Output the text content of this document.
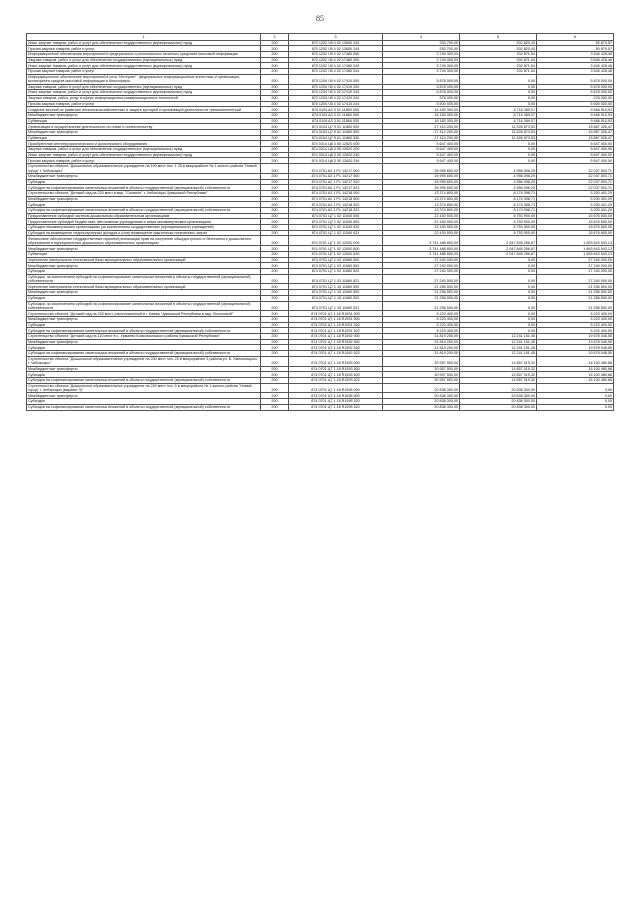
85
1	2	3	4	5	6
Иные закупки товаров, работ и услуг для обеспечения государственных (муниципальных) нужд	200	870 1202 Ч5 4 02 13650 240	253 700,00	202 820,43	50 879,57
Прочая закупка товаров, работ и услуг	200	870 1202 Ч5 4 02 13650 244	253 700,00	202 820,43	50 879,57
Информационное обеспечение мероприятий в федеральных и региональных печатных средствах массовой информации	200	870 1202 Ч5 4 02 17480 000	3 749 300,00	202 871,54	3 546 428,46
Закупка товаров, работ и услуг для обеспечения государственных (муниципальных) нужд	200	870 1202 Ч5 4 02 17480 200	3 749 300,00	202 871,54	3 546 428,46
Иные закупки товаров, работ и услуг для обеспечения государственных (муниципальных) нужд	200	870 1202 Ч5 4 02 17480 240	3 749 300,00	202 871,54	3 546 428,46
Прочая закупка товаров, работ и услуг	200	870 1202 Ч5 4 02 17480 244	3 749 300,00	202 871,54	3 546 428,46
Информационное обеспечение мероприятий в сети "Интернет", федеральных информационных агентствах и организация мониторинга средств массовой информации и блогосферы	200	870 1204 Ч5 4 02 17410 000	5 878 000,00	0,00	5 878 000,00
Закупка товаров, работ и услуг для обеспечения государственных (муниципальных) нужд	200	870 1204 Ч5 4 02 17410 200	5 878 000,00	0,00	5 878 000,00
Иные закупки товаров, работ и услуг для обеспечения государственных (муниципальных) нужд	200	870 1204 Ч5 4 02 17410 240	5 878 000,00	0,00	5 878 000,00
Закупка товаров, работ, услуг в сфере информационно-коммуникационных технологий	200	870 1204 Ч5 4 02 17410 242	378 000,00	0,00	378 000,00
Прочая закупка товаров, работ и услуг	200	870 1204 Ч5 4 02 17410 244	5 500 000,00	0,00	5 500 000,00
Создание юнопий по развитию несельскохозяйственных и защите кустарей и организаций деятельности трехкомпонентной	200	874 0104 A3 3 01 11860 000	16 183 300,00	6 716 389,07	9 466 910,93
Межбюджетные трансферты	200	874 0104 A3 3 01 11860 500	16 183 300,00	6 716 389,07	9 466 910,93
Субвенции	200	874 0104 A3 3 01 11860 530	16 183 300,00	6 716 389,07	9 466 910,93
Организация и осуществление деятельности по опеке и попечительству	200	874 0104 Ц7 9 01 11860 000	27 414 200,00	11 526 873,53	15 887 326,47
Межбюджетные трансферты	200	874 0104 Ц7 9 01 11860 500	27 414 200,00	11 526 873,53	15 887 326,47
Субвенции	200	874 0104 Ц7 9 01 11860 530	27 414 200,00	11 526 873,53	15 887 326,47
Приобретение антитеррористического и досмотрового оборудования	200	874 0314 Ц8 3 05 12620 000	5 647 400,00	0,00	5 647 400,00
Закупка товаров, работ и услуг для обеспечения государственных (муниципальных) нужд	200	874 0314 Ц8 3 05 12620 200	5 647 400,00	0,00	5 647 400,00
Иные закупки товаров, работ и услуг для обеспечения государственных (муниципальных) нужд	200	874 0314 Ц8 3 05 12620 240	5 647 400,00	0,00	5 647 400,00
Прочая закупка товаров, работ и услуг	200	874 0314 Ц8 3 05 12620 244	5 647 400,00	0,00	5 647 400,00
Строительство объекта "Дошкольное образовательное учреждение на 100 мест поз. 1 25 в микрорайоне № 1 жилого района "Новый город" г. Чебоксары"	200	874 0701 A2 1 P1 14217 000	26 995 600,00	4 956 096,29	22 037 503,71
Межбюджетные трансферты	200	874 0701 A2 1 P1 14217 500	26 995 600,00	4 956 096,29	22 037 503,71
Субсидии	200	874 0701 A2 1 P1 14217 520	26 995 600,00	4 956 096,29	22 037 503,71
Субсидии на софинансирование капитальных вложений в объекты государственной (муниципальной) собственности	200	874 0701 A2 1 P1 14217 522	26 995 600,00	4 956 096,29	22 037 503,71
Строительство объекта "Детский сад на 220 мест в мкр. "Соляное" г. Чебоксары Чувашской Республики"	200	874 0701 A2 1 P1 14218 000	13 374 800,00	8 174 398,71	5 200 401,29
Межбюджетные трансферты	200	874 0701 A2 1 P1 14218 500	13 374 800,00	8 174 398,71	5 200 401,29
Субсидии	200	874 0701 A2 1 P1 14218 520	13 374 800,00	8 174 398,71	5 200 401,29
Субсидии на софинансирование капитальных вложений в объекты государственной (муниципальной) собственности	200	874 0701 A2 1 P1 14218 522	13 374 800,00	8 174 398,71	5 200 401,29
Предоставление субсидий частным дошкольным образовательным организациям	200	874 0701 Ц7 1 02 11540 000	22 430 500,00	6 753 900,00	15 676 600,00
Предоставление субсидий бюджетным, автономным учреждениям и иным некоммерческим организациям	200	874 0701 Ц7 1 02 11540 600	22 430 500,00	6 753 900,00	15 676 600,00
Субсидии некоммерческим организациям (за исключением государственных (муниципальных) учреждений)	200	874 0701 Ц7 1 02 11540 630	22 430 500,00	6 753 900,00	15 676 600,00
Субсидии на возмещение недополученных доходов и (или) возмещение фактически понесенных затрат	200	874 0701 Ц7 1 02 11540 631	22 430 500,00	6 753 900,00	15 676 600,00
Финансовое обеспечение государственных гарантий реализации прав на получение общедоступного и бесплатного дошкольного образования в муниципальных дошкольных образовательных организациях	200	874 0701 Ц7 1 02 12000 000	3 741 488 800,00	2 047 845 256,87	1 693 643 543,13
Межбюджетные трансферты	200	874 0701 Ц7 1 02 12000 500	3 741 488 800,00	2 047 845 256,87	1 693 643 543,13
Субвенции	200	874 0701 Ц7 1 02 12000 530	3 741 488 800,00	2 047 845 256,87	1 693 643 543,13
Укрепление материально-технической базы муниципальных образовательных организаций	200	874 0701 Ц7 1 03 11660 000	27 240 000,00	0,00	27 240 000,00
Межбюджетные трансферты	200	874 0701 Ц7 1 03 11660 500	27 240 000,00	0,00	27 240 000,00
Субсидии	200	874 0701 Ц7 1 03 11660 520	27 240 000,00	0,00	27 240 000,00
Субсидии, за исключением субсидий на софинансирование капитальных вложений в объекты государственной (муниципальной) собственности	200	874 0701 Ц7 1 03 11660 521	27 240 000,00	0,00	27 240 000,00
Укрепление материально-технической базы муниципальных образовательных организаций	200	874 0701 Ц7 1 15 11660 000	21 256 500,00	0,00	21 256 500,00
Межбюджетные трансферты	200	874 0701 Ц7 1 15 11660 500	21 256 500,00	0,00	21 256 500,00
Субсидии	200	874 0701 Ц7 1 15 11660 520	21 256 500,00	0,00	21 256 500,00
Субсидии, за исключением субсидий на софинансирование капитальных вложений в объекты государственной (муниципальной) собственности	200	874 0701 Ц7 1 15 11660 521	21 256 500,00	0,00	21 256 500,00
Строительство объекта "Детский сад на 240 мест, расположенный в г. Канаш Чувашской Республики в мкр. Восточный"	200	874 0701 Ц7 1 18 R1591 000	5 223 400,00	0,00	5 223 400,00
Межбюджетные трансферты	200	874 0701 Ц7 1 18 R1591 500	5 223 400,00	0,00	5 223 400,00
Субсидии	200	874 0701 Ц7 1 18 R1591 520	5 223 400,00	0,00	5 223 400,00
Субсидии на софинансирование капитальных вложений в объекты государственной (муниципальной) собственности	200	874 0701 Ц7 1 18 R1591 522	5 223 400,00	0,00	5 223 400,00
Строительство объекта "Детский сад на 110 мест в с. Урмаево Комсомольского района Чувашской Республики"	200	874 0701 Ц7 1 18 R1592 000	31 819 200,00	12 241 151,45	19 578 048,55
Межбюджетные трансферты	200	874 0701 Ц7 1 18 R1592 500	31 819 200,00	12 241 151,45	19 578 048,55
Субсидии	200	874 0701 Ц7 1 18 R1592 520	31 819 200,00	12 241 151,45	19 578 048,55
Субсидии на софинансирование капитальных вложений в объекты государственной (муниципальной) собственности	200	874 0701 Ц7 1 18 R1592 522	31 819 200,00	12 241 151,45	19 578 048,55
Строительство объекта "Дошкольное образовательное учреждение на 240 мест поз. 25 в микрорайоне 5 района ул. Б. Хмельницкого г. Чебоксары"	200	874 0701 Ц7 1 18 R1593 000	30 957 500,00	14 857 019,32	16 100 480,68
Межбюджетные трансферты	200	874 0701 Ц7 1 18 R1593 500	30 957 500,00	14 857 019,32	16 100 480,68
Субсидии	200	874 0701 Ц7 1 18 R1593 520	30 957 500,00	14 857 019,32	16 100 480,68
Субсидии на софинансирование капитальных вложений в объекты государственной (муниципальной) собственности	200	874 0701 Ц7 1 18 R1593 522	30 957 500,00	14 857 019,32	16 100 480,68
Строительство объекта "Дошкольное образовательное учреждение на 240 мест поз. 5 в микрорайоне № 1 жилого района "Новый город" г. Чебоксары (вариант 3)"	200	874 0701 Ц7 1 18 R1595 000	20 838 300,00	20 838 300,00	0,00
Межбюджетные трансферты	200	874 0701 Ц7 1 18 R1595 500	20 838 300,00	20 838 300,00	0,00
Субсидии	200	874 0701 Ц7 1 18 R1595 520	20 838 300,00	20 838 300,00	0,00
Субсидии на софинансирование капитальных вложений в объекты государственной (муниципальной) собственности	200	874 0701 Ц7 1 18 R1595 522	20 838 300,00	20 838 300,00	0,00
